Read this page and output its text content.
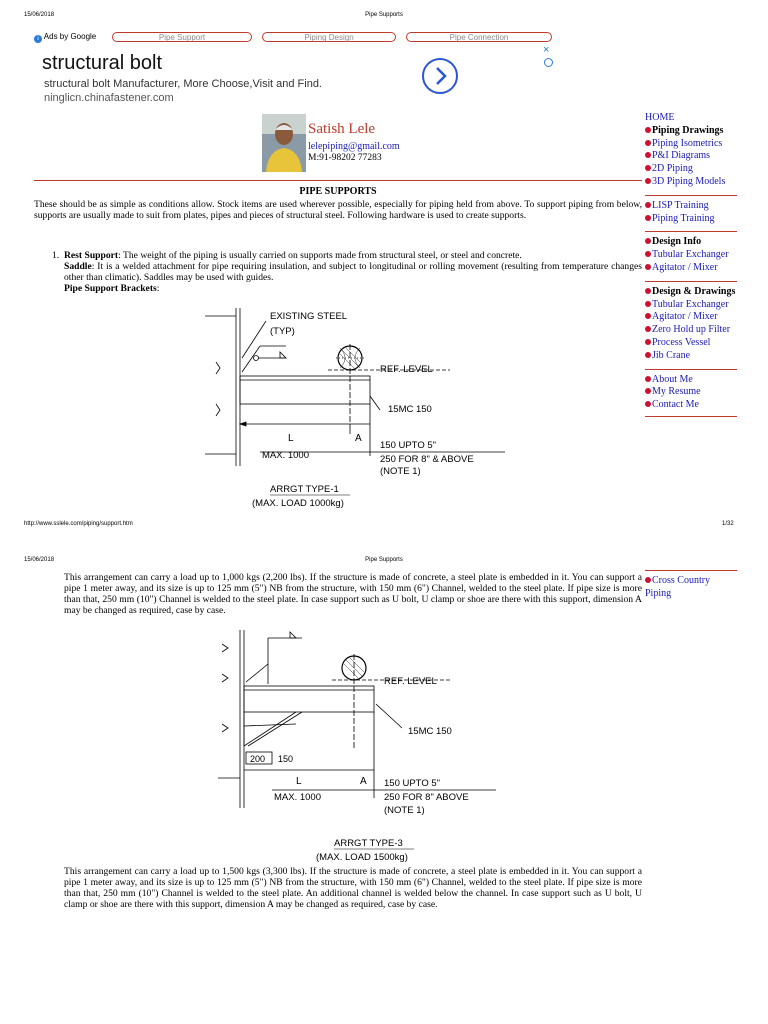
15/06/2018	Pipe Supports
i Ads by Google	Pipe Support	Piping Design	Pipe Connection
structural bolt
structural bolt Manufacturer, More Choose,Visit and Find.
ninglicn.chinafastener.com
×
Satish Lele
lelepiping@gmail.com
M:91-98202 77283
HOME
Piping Drawings
Piping Isometrics
P&I Diagrams
2D Piping
3D Piping Models
LISP Training
Piping Training
Design Info
Tubular Exchanger
Agitator / Mixer
Design & Drawings
Tubular Exchanger
Agitator / Mixer
Zero Hold up Filter
Process Vessel
Jib Crane
About Me
My Resume
Contact Me
PIPE SUPPORTS
These should be as simple as conditions allow. Stock items are used wherever possible, especially for piping held from above. To support piping from below, supports are usually made to suit from plates, pipes and pieces of structural steel. Following hardware is used to create supports.
1. Rest Support: The weight of the piping is usually carried on supports made from structural steel, or steel and concrete.
Saddle: It is a welded attachment for pipe requiring insulation, and subject to longitudinal or rolling movement (resulting from temperature changes other than climatic). Saddles may be used with guides.
Pipe Support Brackets:
EXISTING STEEL
(TYP)
REF. LEVEL
15MC 150
L	A
MAX. 1000
150 UPTO 5"
250 FOR 8" & ABOVE
(NOTE 1)
ARRGT TYPE-1
(MAX. LOAD 1000kg)
http://www.sslele.com/piping/support.htm	1/32
15/06/2018	Pipe Supports
Cross Country Piping
This arrangement can carry a load up to 1,000 kgs (2,200 lbs). If the structure is made of concrete, a steel plate is embedded in it. You can support a pipe 1 meter away, and its size is up to 125 mm (5") NB from the structure, with 150 mm (6") Channel, welded to the steel plate. If pipe size is more than that, 250 mm (10") Channel is welded to the steel plate. In case support such as U bolt, U clamp or shoe are there with this support, dimension A may be changed as required, case by case.
REF. LEVEL
15MC 150
200 150
L	A
MAX. 1000
150 UPTO 5"
250 FOR 8" ABOVE
(NOTE 1)
ARRGT TYPE-3
(MAX. LOAD 1500kg)
This arrangement can carry a load up to 1,500 kgs (3,300 lbs). If the structure is made of concrete, a steel plate is embedded in it. You can support a pipe 1 meter away, and its size is up to 125 mm (5") NB from the structure, with 150 mm (6") Channel, welded to the steel plate. If pipe size is more than that, 250 mm (10") Channel is welded to the steel plate. An additional channel is welded below the channel. In case support such as U bolt, U clamp or shoe are there with this support, dimension A may be changed as required, case by case.
